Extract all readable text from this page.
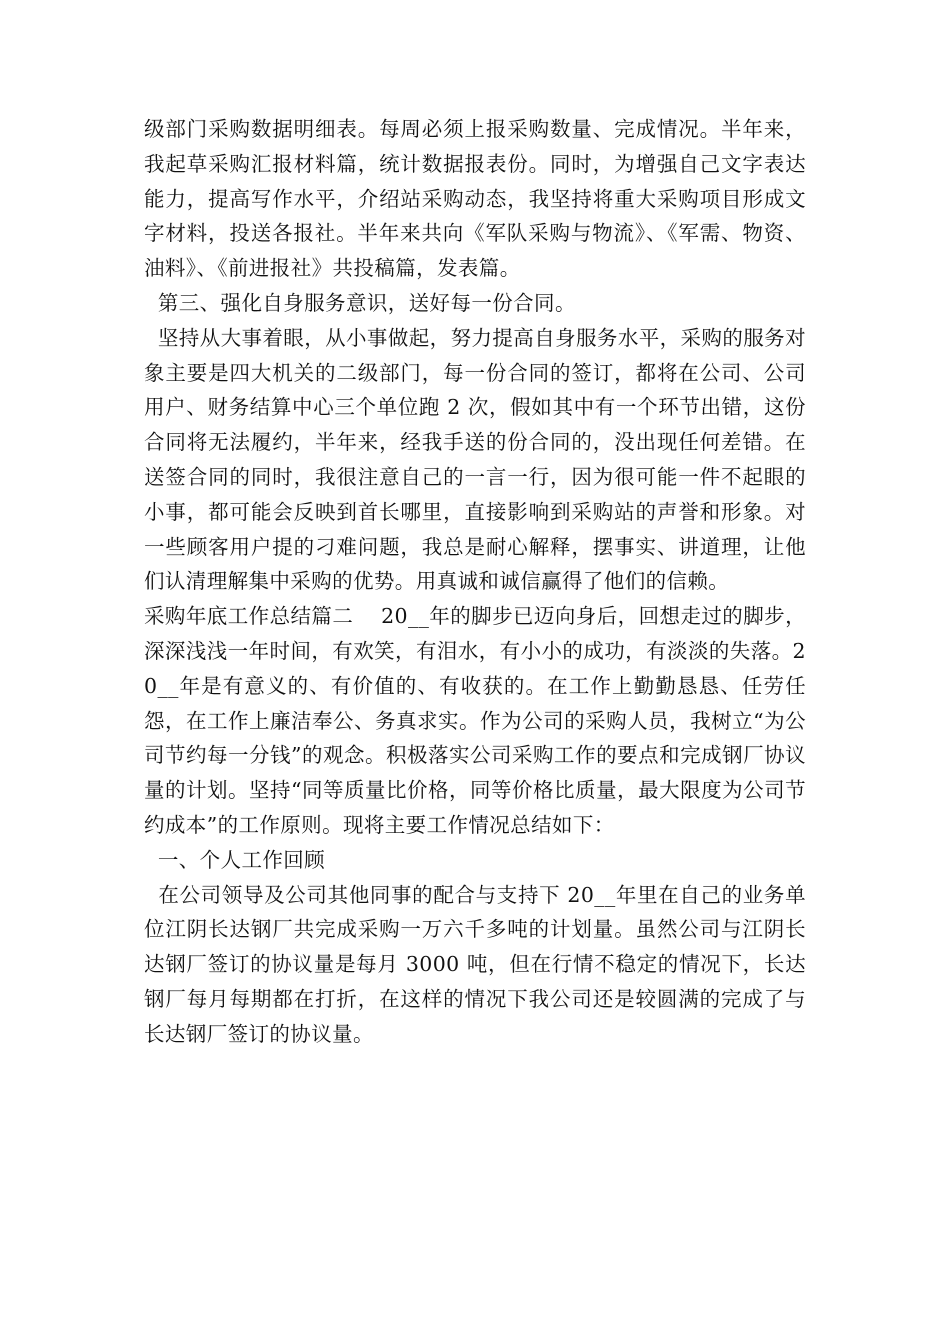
级部门采购数据明细表。每周必须上报采购数量、完成情况。半年来，我起草采购汇报材料篇，统计数据报表份。同时，为增强自己文字表达能力，提高写作水平，介绍站采购动态，我坚持将重大采购项目形成文字材料，投送各报社。半年来共向《军队采购与物流》、《军需、物资、油料》、《前进报社》共投稿篇，发表篇。

第三、强化自身服务意识，送好每一份合同。

坚持从大事着眼，从小事做起，努力提高自身服务水平，采购的服务对象主要是四大机关的二级部门，每一份合同的签订，都将在公司、公司用户、财务结算中心三个单位跑 2 次，假如其中有一个环节出错，这份合同将无法履约，半年来，经我手送的份合同的，没出现任何差错。在送签合同的同时，我很注意自己的一言一行，因为很可能一件不起眼的小事，都可能会反映到首长哪里，直接影响到采购站的声誉和形象。对一些顾客用户提的刁难问题，我总是耐心解释，摆事实、讲道理，让他们认清理解集中采购的优势。用真诚和诚信赢得了他们的信赖。

采购年底工作总结篇二    20__年的脚步已迈向身后，回想走过的脚步，深深浅浅一年时间，有欢笑，有泪水，有小小的成功，有淡淡的失落。20__年是有意义的、有价值的、有收获的。在工作上勤勤恳恳、任劳任怨，在工作上廉洁奉公、务真求实。作为公司的采购人员，我树立“为公司节约每一分钱”的观念。积极落实公司采购工作的要点和完成钢厂协议量的计划。坚持“同等质量比价格，同等价格比质量，最大限度为公司节约成本”的工作原则。现将主要工作情况总结如下：

一、个人工作回顾

在公司领导及公司其他同事的配合与支持下 20__年里在自己的业务单位江阴长达钢厂共完成采购一万六千多吨的计划量。虽然公司与江阴长达钢厂签订的协议量是每月 3000 吨，但在行情不稳定的情况下，长达钢厂每月每期都在打折，在这样的情况下我公司还是较圆满的完成了与长达钢厂签订的协议量。
